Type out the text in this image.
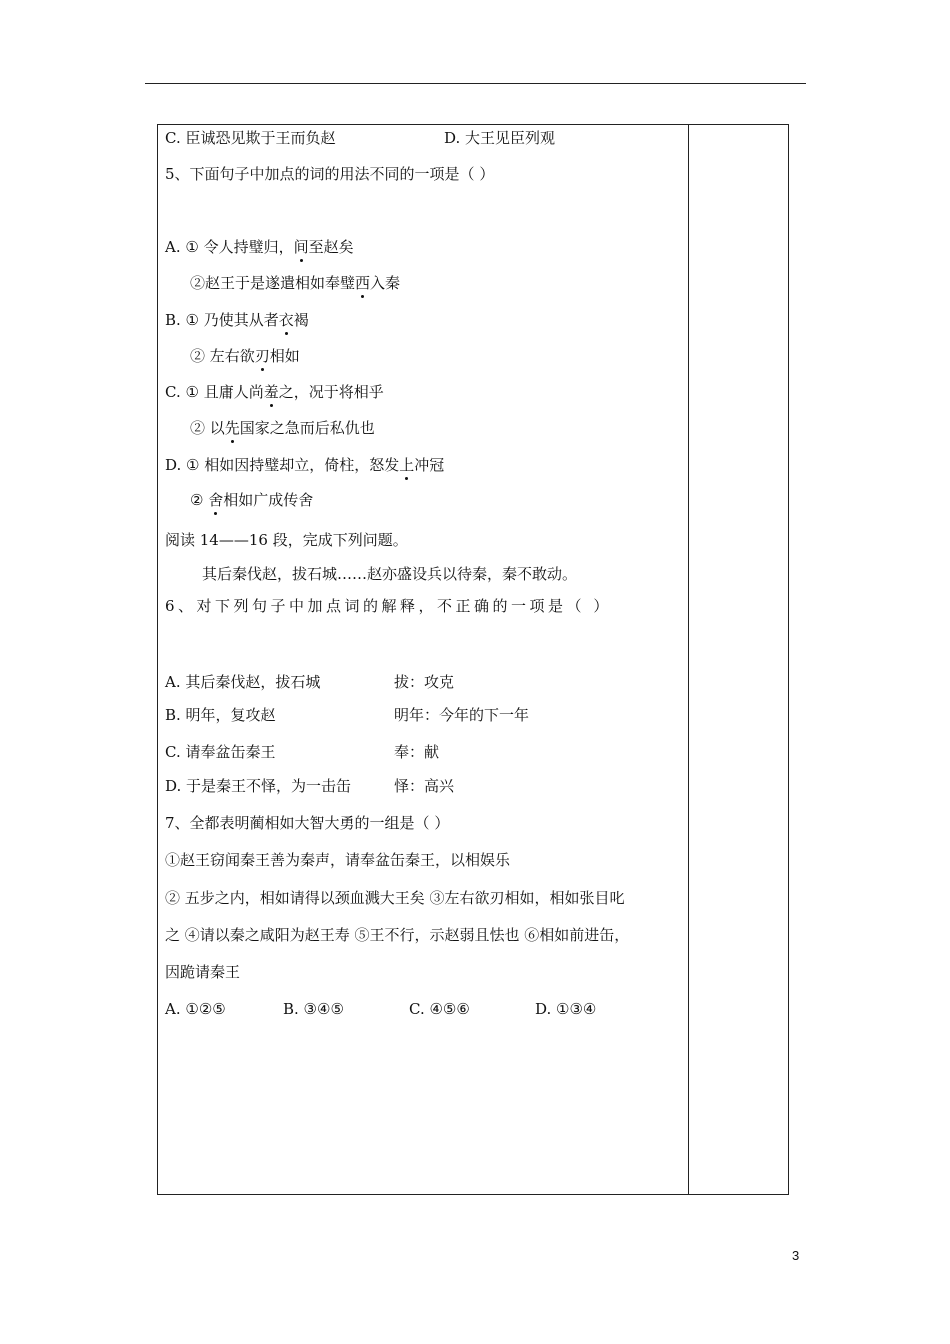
C. 臣诚恐见欺于王而负赵	D. 大王见臣列观
5、下面句子中加点的词的用法不同的一项是（ ）
A. ① 令人持璧归，间至赵矣
②赵王于是遂遣相如奉璧西入秦
B. ① 乃使其从者衣褐
② 左右欲刃相如
C. ① 且庸人尚羞之，况于将相乎
② 以先国家之急而后私仇也
D. ① 相如因持璧却立，倚柱，怒发上冲冠
② 舍相如广成传舍
阅读 14——16 段，完成下列问题。
其后秦伐赵，拔石城……赵亦盛设兵以待秦，秦不敢动。
6、对下列句子中加点词的解释，不正确的一项是（ ）
A. 其后秦伐赵，拔石城	拔：攻克
B. 明年，复攻赵	明年：今年的下一年
C. 请奉盆缶秦王	奉：献
D. 于是秦王不怿，为一击缶	怿：高兴
7、全都表明蔺相如大智大勇的一组是（ ）
①赵王窃闻秦王善为秦声，请奉盆缶秦王，以相娱乐
② 五步之内，相如请得以颈血溅大王矣 ③左右欲刃相如，相如张目叱
之 ④请以秦之咸阳为赵王寿 ⑤王不行，示赵弱且怯也 ⑥相如前进缶，
因跪请秦王
A. ①②⑤	B. ③④⑤	C. ④⑤⑥	D. ①③④
3
